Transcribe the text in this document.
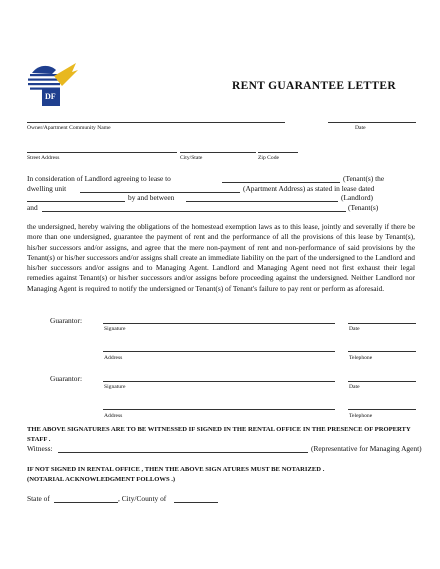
DF
RENT GUARANTEE LETTER
Owner/Apartment Community Name	Date
Street Address	City/State	Zip Code
In consideration of Landlord agreeing to lease to	(Tenant(s) the
dwelling unit	(Apartment Address) as stated in lease dated
by and between	(Landlord)
and	(Tenant(s)
the undersigned, hereby waiving the obligations of the homestead exemption laws as to this lease, jointly and severally if there be more than one undersigned, guarantee the payment of rent and the performance of all the provisions of this lease by Tenant(s), his/her successors and/or assigns, and agree that the mere non-payment of rent and non-performance of said provisions by the Tenant(s) or his/her successors and/or assigns shall create an immediate liability on the part of the undersigned to the Landlord and his/her successors and/or assigns and to Managing Agent. Landlord and Managing Agent need not first exhaust their legal remedies against Tenant(s) or his/her successors and/or assigns before proceeding against the undersigned. Neither Landlord nor Managing Agent is required to notify the undersigned or Tenant(s) of Tenant's failure to pay rent or perform as aforesaid.
Guarantor:
Signature	Date
Address	Telephone
Guarantor:
Signature	Date
Address	Telephone
THE ABOVE SIGNATURES ARE TO BE WITNESSED IF SIGNED IN THE RENTAL OFFICE IN THE PRESENCE OF PROPERTY STAFF .
Witness:	(Representative for Managing Agent)
IF NOT SIGNED IN RENTAL OFFICE , THEN THE ABOVE SIGN ATURES MUST BE NOTARIZED .
(NOTARIAL ACKNOWLEDGMENT FOLLOWS .)
State of	, City/County of
